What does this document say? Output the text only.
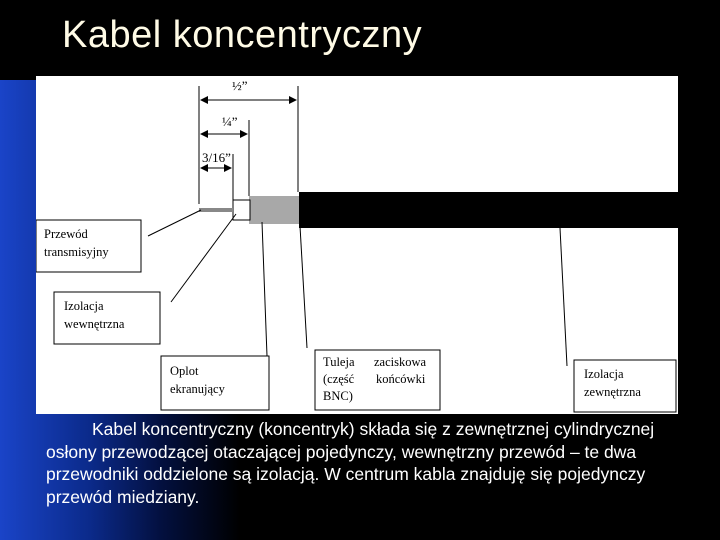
Kabel koncentryczny
½”
¼”
3/16”
Przewód
transmisyjny
Izolacja
wewnętrzna
Oplot
ekranujący
Tuleja zaciskowa
(część końcówki
BNC)
Izolacja
zewnętrzna
Kabel koncentryczny (koncentryk) składa się z zewnętrznej cylindrycznej osłony przewodzącej otaczającej pojedynczy, wewnętrzny przewód – te dwa przewodniki oddzielone są izolacją. W centrum kabla znajduję się pojedynczy przewód miedziany.
